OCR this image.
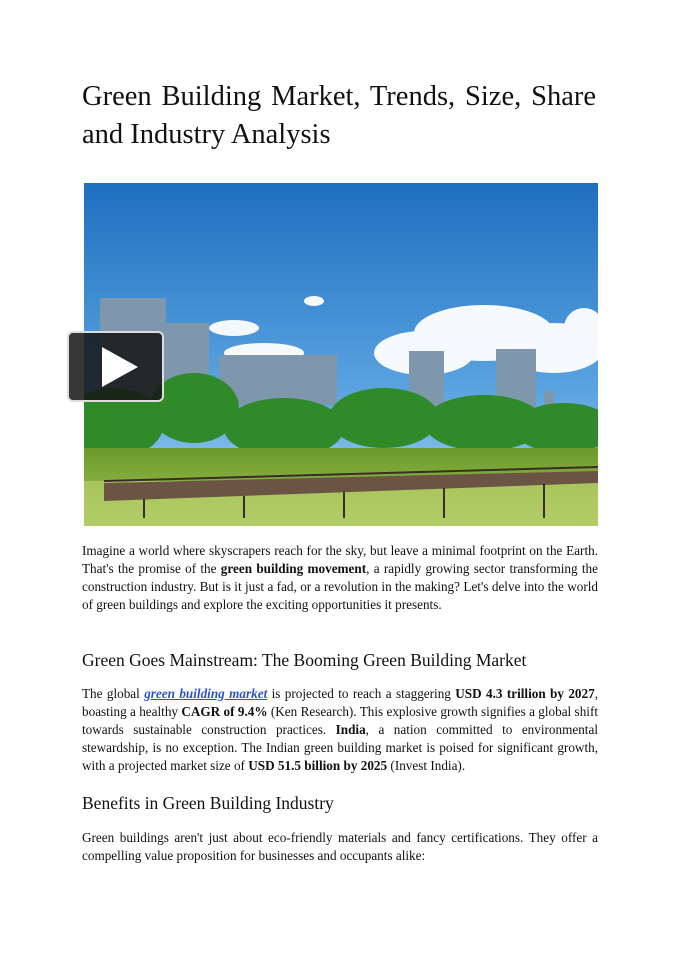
Green Building Market, Trends, Size, Share and Industry Analysis

Imagine a world where skyscrapers reach for the sky, but leave a minimal footprint on the Earth. That's the promise of the green building movement, a rapidly growing sector transforming the construction industry. But is it just a fad, or a revolution in the making? Let's delve into the world of green buildings and explore the exciting opportunities it presents.

Green Goes Mainstream: The Booming Green Building Market

The global green building market is projected to reach a staggering USD 4.3 trillion by 2027, boasting a healthy CAGR of 9.4% (Ken Research). This explosive growth signifies a global shift towards sustainable construction practices. India, a nation committed to environmental stewardship, is no exception. The Indian green building market is poised for significant growth, with a projected market size of USD 51.5 billion by 2025 (Invest India).

Benefits in Green Building Industry

Green buildings aren't just about eco-friendly materials and fancy certifications. They offer a compelling value proposition for businesses and occupants alike:
